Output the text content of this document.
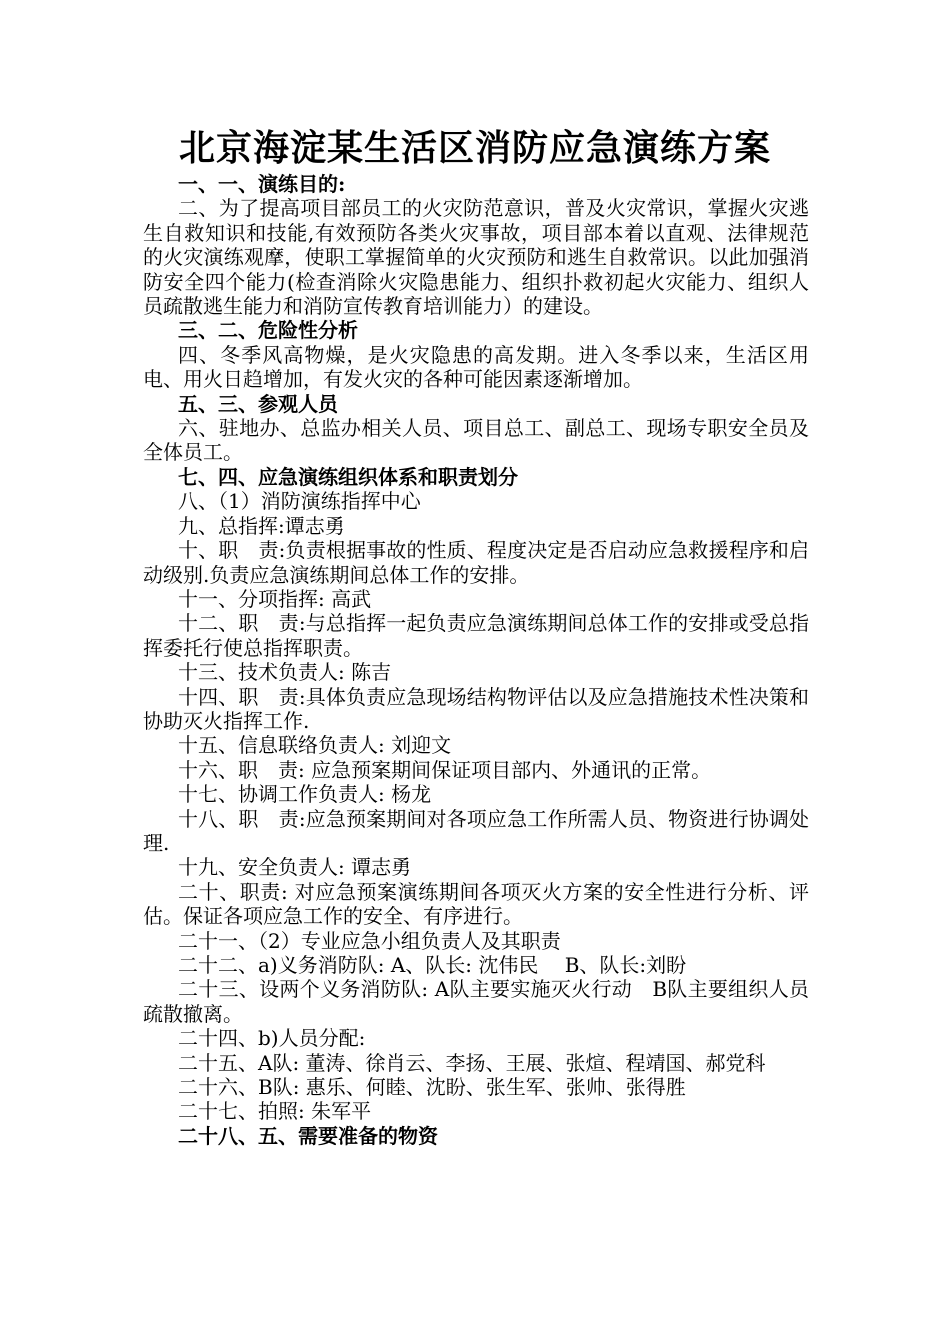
北京海淀某生活区消防应急演练方案

一、一、演练目的:

二、为了提高项目部员工的火灾防范意识，普及火灾常识，掌握火灾逃生自救知识和技能,有效预防各类火灾事故，项目部本着以直观、法律规范的火灾演练观摩，使职工掌握简单的火灾预防和逃生自救常识。以此加强消防安全四个能力(检查消除火灾隐患能力、组织扑救初起火灾能力、组织人员疏散逃生能力和消防宣传教育培训能力）的建设。

三、二、危险性分析

四、冬季风高物燥，是火灾隐患的高发期。进入冬季以来，生活区用电、用火日趋增加，有发火灾的各种可能因素逐渐增加。

五、三、参观人员

六、驻地办、总监办相关人员、项目总工、副总工、现场专职安全员及全体员工。

七、四、应急演练组织体系和职责划分

八、（1）消防演练指挥中心

九、总指挥:谭志勇

十、职　责:负责根据事故的性质、程度决定是否启动应急救援程序和启动级别.负责应急演练期间总体工作的安排。

十一、分项指挥: 高武

十二、职　责:与总指挥一起负责应急演练期间总体工作的安排或受总指挥委托行使总指挥职责。

十三、技术负责人: 陈吉

十四、职　责:具体负责应急现场结构物评估以及应急措施技术性决策和协助灭火指挥工作.

十五、信息联络负责人: 刘迎文

十六、职　责: 应急预案期间保证项目部内、外通讯的正常。

十七、协调工作负责人: 杨龙

十八、职　责:应急预案期间对各项应急工作所需人员、物资进行协调处理.

十九、安全负责人: 谭志勇

二十、职责: 对应急预案演练期间各项灭火方案的安全性进行分析、评估。保证各项应急工作的安全、有序进行。

二十一、（2）专业应急小组负责人及其职责

二十二、a)义务消防队: A、队长: 沈伟民　 B、队长:刘盼

二十三、设两个义务消防队: A队主要实施灭火行动　B队主要组织人员疏散撤离。

二十四、b)人员分配:

二十五、A队: 董涛、徐肖云、李扬、王展、张煊、程靖国、郝党科

二十六、B队: 惠乐、何睦、沈盼、张生军、张帅、张得胜

二十七、拍照: 朱军平

二十八、五、需要准备的物资
